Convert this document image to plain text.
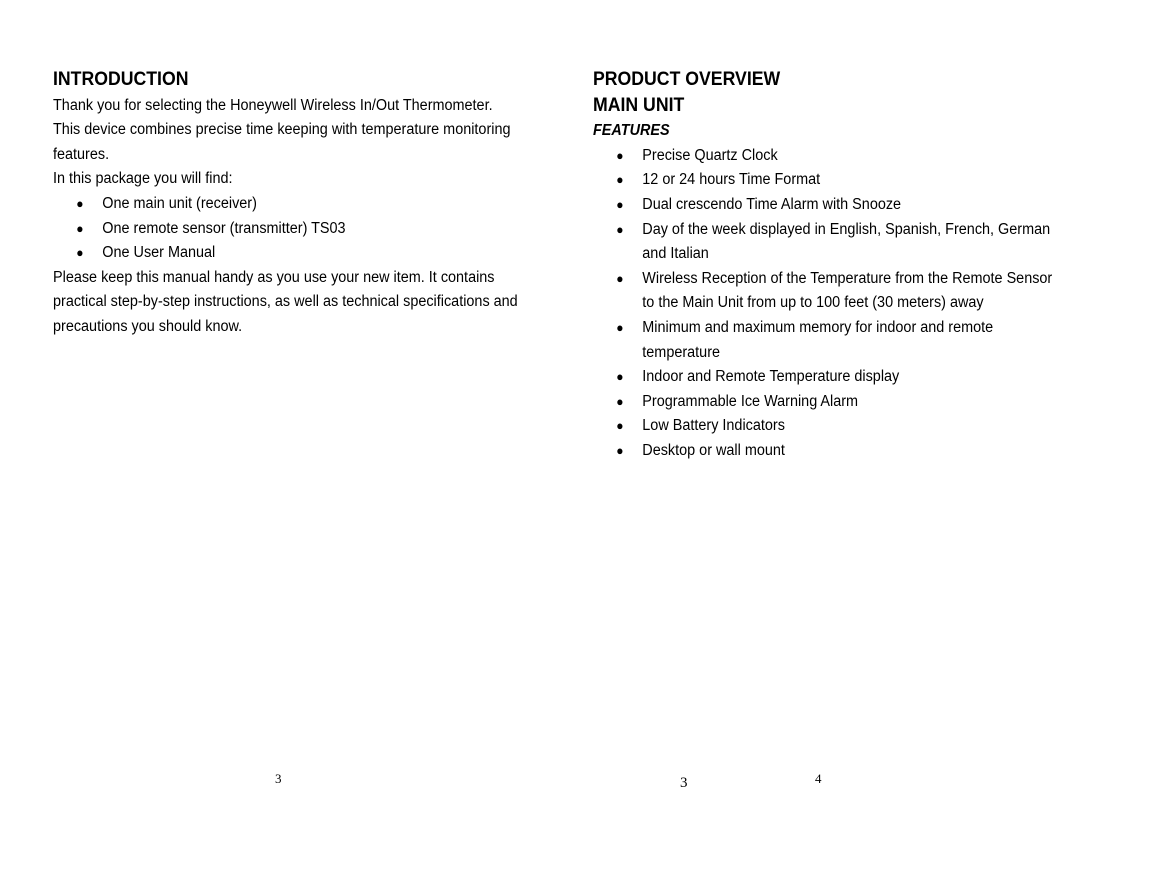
INTRODUCTION

Thank you for selecting the Honeywell Wireless In/Out Thermometer. This device combines precise time keeping with temperature monitoring features.

In this package you will find:

● One main unit (receiver)
● One remote sensor (transmitter) TS03
● One User Manual

Please keep this manual handy as you use your new item. It contains practical step-by-step instructions, as well as technical specifications and precautions you should know.

PRODUCT OVERVIEW
MAIN UNIT
FEATURES
● Precise Quartz Clock
● 12 or 24 hours Time Format
● Dual crescendo Time Alarm with Snooze
● Day of the week displayed in English, Spanish, French, German and Italian
● Wireless Reception of the Temperature from the Remote Sensor to the Main Unit from up to 100 feet (30 meters) away
● Minimum and maximum memory for indoor and remote temperature
● Indoor and Remote Temperature display
● Programmable Ice Warning Alarm
● Low Battery Indicators
● Desktop or wall mount
3	3	4
